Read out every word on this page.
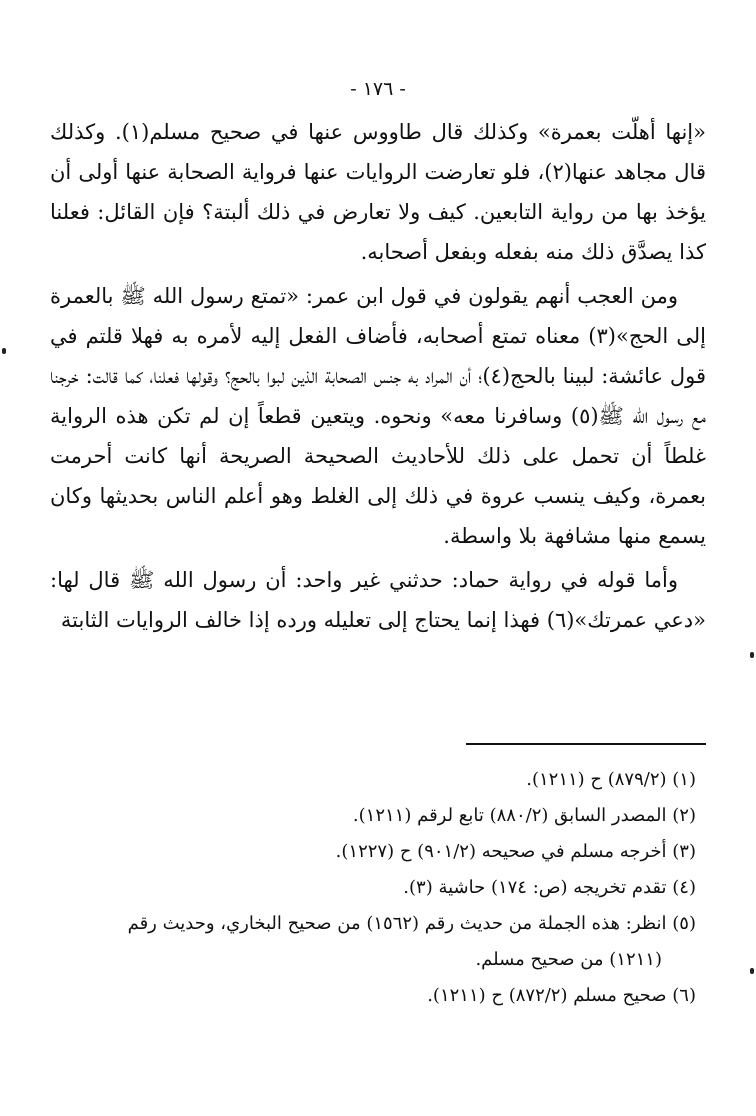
- ١٧٦ -

«إنها أهلّت بعمرة» وكذلك قال طاووس عنها في صحيح مسلم(١). وكذلك قال مجاهد عنها(٢)، فلو تعارضت الروايات عنها فرواية الصحابة عنها أولى أن يؤخذ بها من رواية التابعين. كيف ولا تعارض في ذلك ألبتة؟ فإن القائل: فعلنا كذا يصدَّق ذلك منه بفعله وبفعل أصحابه.

ومن العجب أنهم يقولون في قول ابن عمر: «تمتع رسول الله ﷺ بالعمرة إلى الحج»(٣) معناه تمتع أصحابه، فأضاف الفعل إليه لأمره به فهلا قلتم في قول عائشة: لبينا بالحج(٤)؛ أن المراد به جنس الصحابة الذين لبوا بالحج؟ وقولها فعلنا، كما قالت: خرجنا مع رسول الله ﷺ(٥) وسافرنا معه» ونحوه. ويتعين قطعاً إن لم تكن هذه الرواية غلطاً أن تحمل على ذلك للأحاديث الصحيحة الصريحة أنها كانت أحرمت بعمرة، وكيف ينسب عروة في ذلك إلى الغلط وهو أعلم الناس بحديثها وكان يسمع منها مشافهة بلا واسطة.

وأما قوله في رواية حماد: حدثني غير واحد: أن رسول الله ﷺ قال لها: «دعي عمرتك»(٦) فهذا إنما يحتاج إلى تعليله ورده إذا خالف الروايات الثابتة

(١) (٨٧٩/٢) ح (١٢١١).

(٢) المصدر السابق (٨٨٠/٢) تابع لرقم (١٢١١).

(٣) أخرجه مسلم في صحيحه (٩٠١/٢) ح (١٢٢٧).

(٤) تقدم تخريجه (ص: ١٧٤) حاشية (٣).

(٥) انظر: هذه الجملة من حديث رقم (١٥٦٢) من صحيح البخاري، وحديث رقم
(١٢١١) من صحيح مسلم.

(٦) صحيح مسلم (٨٧٢/٢) ح (١٢١١).
